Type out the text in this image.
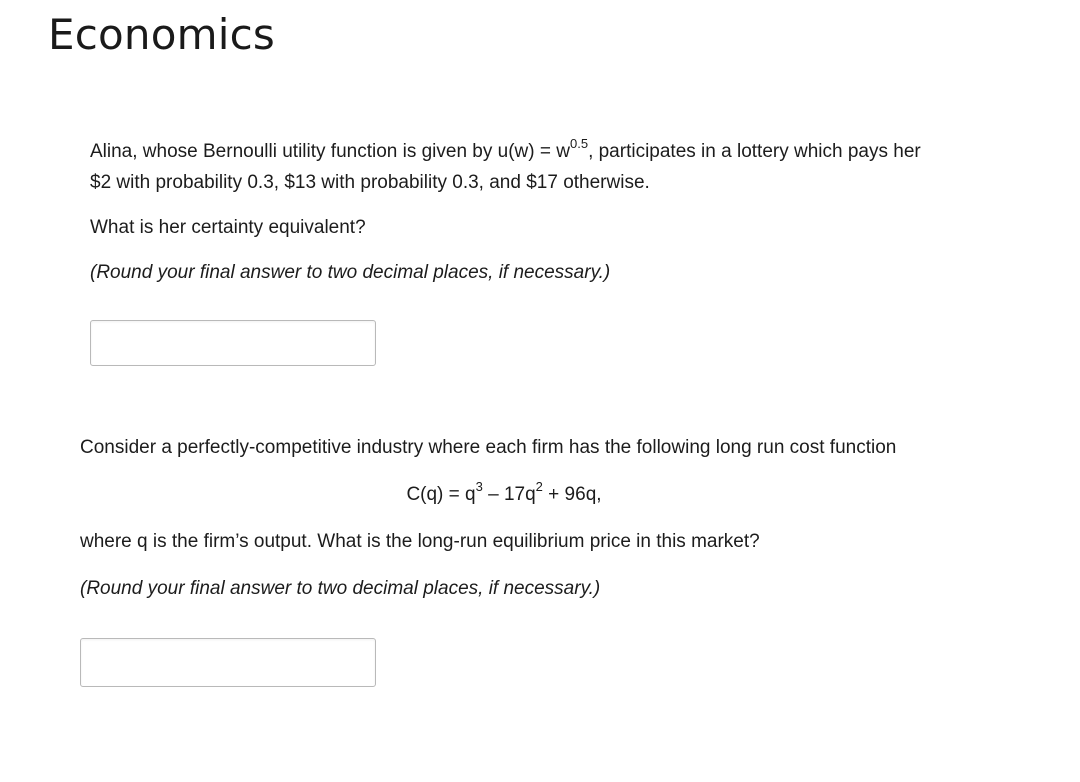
Economics

Alina, whose Bernoulli utility function is given by $u(w) = w^{0.5}$, participates in a lottery which pays her
$2 with probability 0.3, $13 with probability 0.3, and $17 otherwise.

What is her certainty equivalent?

(Round your final answer to two decimal places, if necessary.)

Consider a perfectly-competitive industry where each firm has the following long run cost function

$C(q) = q^3 - 17q^2 + 96q$,

where q is the firm’s output. What is the long-run equilibrium price in this market?

(Round your final answer to two decimal places, if necessary.)
